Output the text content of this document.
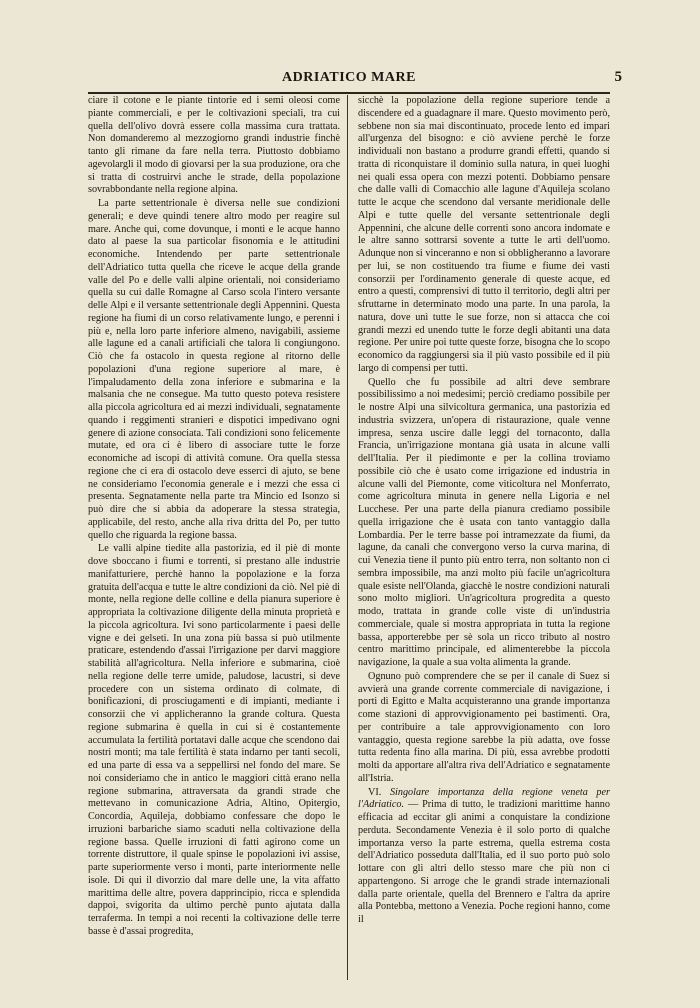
ADRIATICO MARE	5

ciare il cotone e le piante tintorie ed i semi oleosi come piante commerciali, e per le coltivazioni speciali, tra cui quella dell'olivo dovrà essere colla massima cura trattata. Non domanderemo al mezzogiorno grandi industrie finchè tanto gli rimane da fare nella terra. Piuttosto dobbiamo agevolargli il modo di giovarsi per la sua produzione, ora che si tratta di costruirvi anche le strade, della popolazione sovrabbondante nella regione alpina.

La parte settentrionale è diversa nelle sue condizioni generali; e deve quindi tenere altro modo per reagire sul mare. Anche qui, come dovunque, i monti e le acque hanno dato al paese la sua particolar fisonomia e le attitudini economiche. Intendendo per parte settentrionale dell'Adriatico tutta quella che riceve le acque della grande valle del Po e delle valli alpine orientali, noi consideriamo quella su cui dalle Romagne al Carso scola l'intero versante delle Alpi e il versante settentrionale degli Appennini. Questa regione ha fiumi di un corso relativamente lungo, e perenni i più e, nella loro parte inferiore almeno, navigabili, assieme alle lagune ed a canali artificiali che talora li congiungono. Ciò che fa ostacolo in questa regione al ritorno delle popolazioni d'una regione superiore al mare, è l'impaludamento della zona inferiore e submarina e la malsania che ne consegue. Ma tutto questo poteva resistere alla piccola agricoltura ed ai mezzi individuali, segnatamente quando i reggimenti stranieri e dispotici impedivano ogni genere di azione consociata. Tali condizioni sono felicemente mutate, ed ora ci è libero di associare tutte le forze economiche ad iscopi di attività comune. Ora quella stessa regione che ci era di ostacolo deve esserci di ajuto, se bene ne consideriamo l'economia generale e i mezzi che essa ci presenta. Segnatamente nella parte tra Mincio ed Isonzo si può dire che si abbia da adoperare la stessa strategia, applicabile, del resto, anche alla riva dritta del Po, per tutto quello che riguarda la regione bassa.

Le valli alpine tiedite alla pastorizia, ed il piè di monte dove sboccano i fiumi e torrenti, si prestano alle industrie manifatturiere, perchè hanno la popolazione e la forza gratuita dell'acqua e tutte le altre condizioni da ciò. Nel piè di monte, nella regione delle colline e della pianura superiore è appropriata la coltivazione diligente della minuta proprietà e la piccola agricoltura. Ivi sono particolarmente i paesi delle vigne e dei gelseti. In una zona più bassa si può utilmente praticare, estendendo d'assai l'irrigazione per darvi maggiore stabilità all'agricoltura. Nella inferiore e submarina, cioè nella regione delle terre umide, paludose, lacustri, si deve procedere con un sistema ordinato di colmate, di bonificazioni, di prosciugamenti e di impianti, mediante i consorzii che vi applicheranno la grande coltura. Questa regione submarina è quella in cui si è costantemente accumulata la fertilità portatavi dalle acque che scendono dai nostri monti; ma tale fertilità è stata indarno per tanti secoli, ed una parte di essa va a seppellirsi nel fondo del mare. Se noi consideriamo che in antico le maggiori città erano nella regione submarina, attraversata da grandi strade che mettevano in comunicazione Adria, Altino, Opitergio, Concordia, Aquileja, dobbiamo confessare che dopo le irruzioni barbariche siamo scaduti nella coltivazione della regione bassa. Quelle irruzioni di fatti agirono come un torrente distruttore, il quale spinse le popolazioni ivi assise, parte superiormente verso i monti, parte interiormente nelle isole. Di qui il divorzio dal mare delle une, la vita affatto marittima delle altre, povera dapprincipio, ricca e splendida dappoi, svigorita da ultimo perchè punto ajutata dalla terraferma. In tempi a noi recenti la coltivazione delle terre basse è d'assai progredita,

sicchè la popolazione della regione superiore tende a discendere ed a guadagnare il mare. Questo movimento però, sebbene non sia mai discontinuato, procede lento ed impari all'urgenza del bisogno: e ciò avviene perchè le forze individuali non bastano a produrre grandi effetti, quando si tratta di riconquistare il dominio sulla natura, in quei luoghi nei quali essa opera con mezzi potenti. Dobbiamo pensare che dalle valli di Comacchio alle lagune d'Aquileja scolano tutte le acque che scendono dal versante meridionale delle Alpi e tutte quelle del versante settentrionale degli Appennini, che alcune delle correnti sono ancora indomate e le altre sanno sottrarsi sovente a tutte le arti dell'uomo. Adunque non si vinceranno e non si obbligheranno a lavorare per lui, se non costituendo tra fiume e fiume dei vasti consorzii per l'ordinamento generale di queste acque, ed entro a questi, comprensivi di tutto il territorio, degli altri per sfruttarne in determinato modo una parte. In una parola, la natura, dove unì tutte le sue forze, non si attacca che coi grandi mezzi ed unendo tutte le forze degli abitanti una data regione. Per unire poi tutte queste forze, bisogna che lo scopo economico da raggiungersi sia il più vasto possibile ed il più largo di compensi per tutti.

Quello che fu possibile ad altri deve sembrare possibilissimo a noi medesimi; perciò crediamo possibile per le nostre Alpi una silvicoltura germanica, una pastorizia ed industria svizzera, un'opera di ristaurazione, quale venne impresa, senza uscire dalle leggi del tornaconto, dalla Francia, un'irrigazione montana già usata in alcune valli dell'Italia. Per il piedimonte e per la collina troviamo possibile ciò che è usato come irrigazione ed industria in alcune valli del Piemonte, come viticoltura nel Monferrato, come agricoltura minuta in genere nella Ligoria e nel Lucchese. Per una parte della pianura crediamo possibile quella irrigazione che è usata con tanto vantaggio dalla Lombardia. Per le terre basse poi intramezzate da fiumi, da lagune, da canali che convergono verso la curva marina, di cui Venezia tiene il punto più entro terra, non soltanto non ci sembra impossibile, ma anzi molto più facile un'agricoltura quale esiste nell'Olanda, giacchè le nostre condizioni naturali sono molto migliori. Un'agricoltura progredita a questo modo, trattata in grande colle viste di un'industria commerciale, quale si mostra appropriata in tutta la regione bassa, apporterebbe per sè sola un ricco tributo al nostro centro marittimo principale, ed alimenterebbe la piccola navigazione, la quale a sua volta alimenta la grande.

Ognuno può comprendere che se per il canale di Suez si avvierà una grande corrente commerciale di navigazione, i porti di Egitto e Malta acquisteranno una grande importanza come stazioni di approvvigionamento pei bastimenti. Ora, per contribuire a tale approvvigionamento con loro vantaggio, questa regione sarebbe la più adatta, ove fosse tutta redenta fino alla marina. Di più, essa avrebbe prodotti molti da apportare all'altra riva dell'Adriatico e segnatamente all'Istria.

VI. Singolare importanza della regione veneta per l'Adriatico. — Prima di tutto, le tradizioni marittime hanno efficacia ad eccitar gli animi a conquistare la condizione perduta. Secondamente Venezia è il solo porto di qualche importanza verso la parte estrema, quella estrema costa dell'Adriatico posseduta dall'Italia, ed il suo porto può solo lottare con gli altri dello stesso mare che più non ci appartengono. Si arroge che le grandi strade internazionali dalla parte orientale, quella del Brennero e l'altra da aprire alla Pontebba, mettono a Venezia. Poche regioni hanno, come il
